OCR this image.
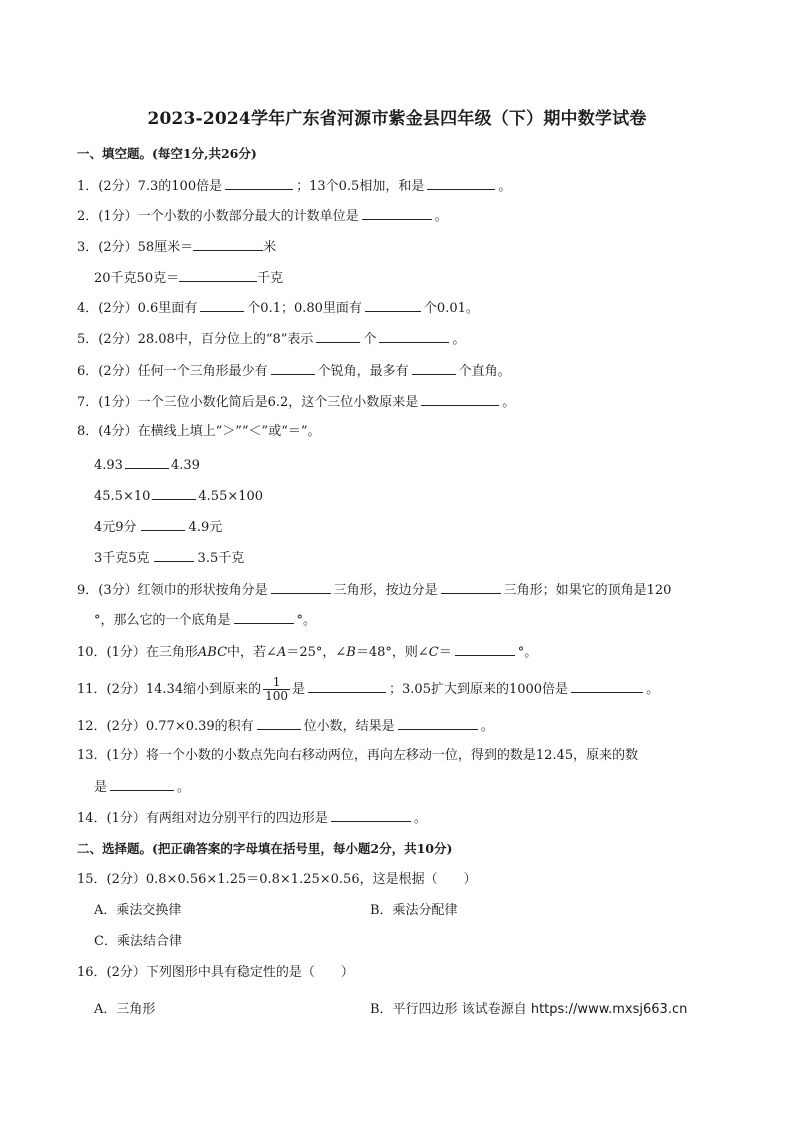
2023-2024学年广东省河源市紫金县四年级（下）期中数学试卷
一、填空题。(每空1分,共26分)
1．(2分）7.3的100倍是	；13个0.5相加，和是	。
2．(1分）一个小数的小数部分最大的计数单位是	。
3．(2分）58厘米＝	米
20千克50克＝	千克
4．(2分）0.6里面有	个0.1；0.80里面有	个0.01。
5．(2分）28.08中，百分位上的“8”表示	个	。
6．(2分）任何一个三角形最少有	个锐角，最多有	个直角。
7．(1分）一个三位小数化简后是6.2，这个三位小数原来是	。
8．(4分）在横线上填上“＞”“＜”或“＝”。
4.93	4.39
45.5×10	4.55×100
4元9分	4.9元
3千克5克	3.5千克
9．(3分）红领巾的形状按角分是	三角形，按边分是	三角形；如果它的顶角是120
°，那么它的一个底角是	°。
10．(1分）在三角形ABC中，若∠A＝25°，∠B＝48°，则∠C＝	°。
11．(2分）14.34缩小到原来的 $\frac{1}{100}$ 是	；3.05扩大到原来的1000倍是	。
12．(2分）0.77×0.39的积有	位小数，结果是	。
13．(1分）将一个小数的小数点先向右移动两位，再向左移动一位，得到的数是12.45，原来的数
是	。
14．(1分）有两组对边分别平行的四边形是	。
二、选择题。(把正确答案的字母填在括号里，每小题2分，共10分)
15．(2分）0.8×0.56×1.25＝0.8×1.25×0.56，这是根据（　　）
A．乘法交换律	B．乘法分配律
C．乘法结合律
16．(2分）下列图形中具有稳定性的是（　　）
A．三角形	B．平行四边形 该试卷源自 https://www.mxsj663.cn
